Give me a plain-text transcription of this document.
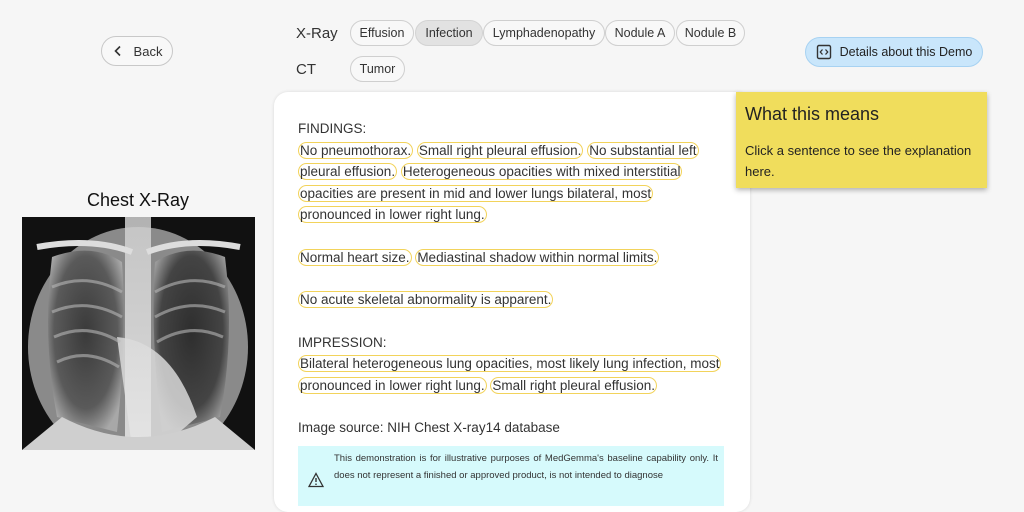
Back
X-Ray
CT
Effusion	Infection	Lymphadenopathy	Nodule A	Nodule B
Tumor
Details about this Demo
Chest X-Ray

FINDINGS:

No pneumothorax. Small right pleural effusion. No substantial left pleural effusion. Heterogeneous opacities with mixed interstitial opacities are present in mid and lower lungs bilateral, most pronounced in lower right lung.

Normal heart size. Mediastinal shadow within normal limits.

No acute skeletal abnormality is apparent.

IMPRESSION:

Bilateral heterogeneous lung opacities, most likely lung infection, most pronounced in lower right lung. Small right pleural effusion.

Image source: NIH Chest X-ray14 database

This demonstration is for illustrative purposes of MedGemma's baseline capability only. It does not represent a finished or approved product, is not intended to diagnose

What this means

Click a sentence to see the explanation here.
